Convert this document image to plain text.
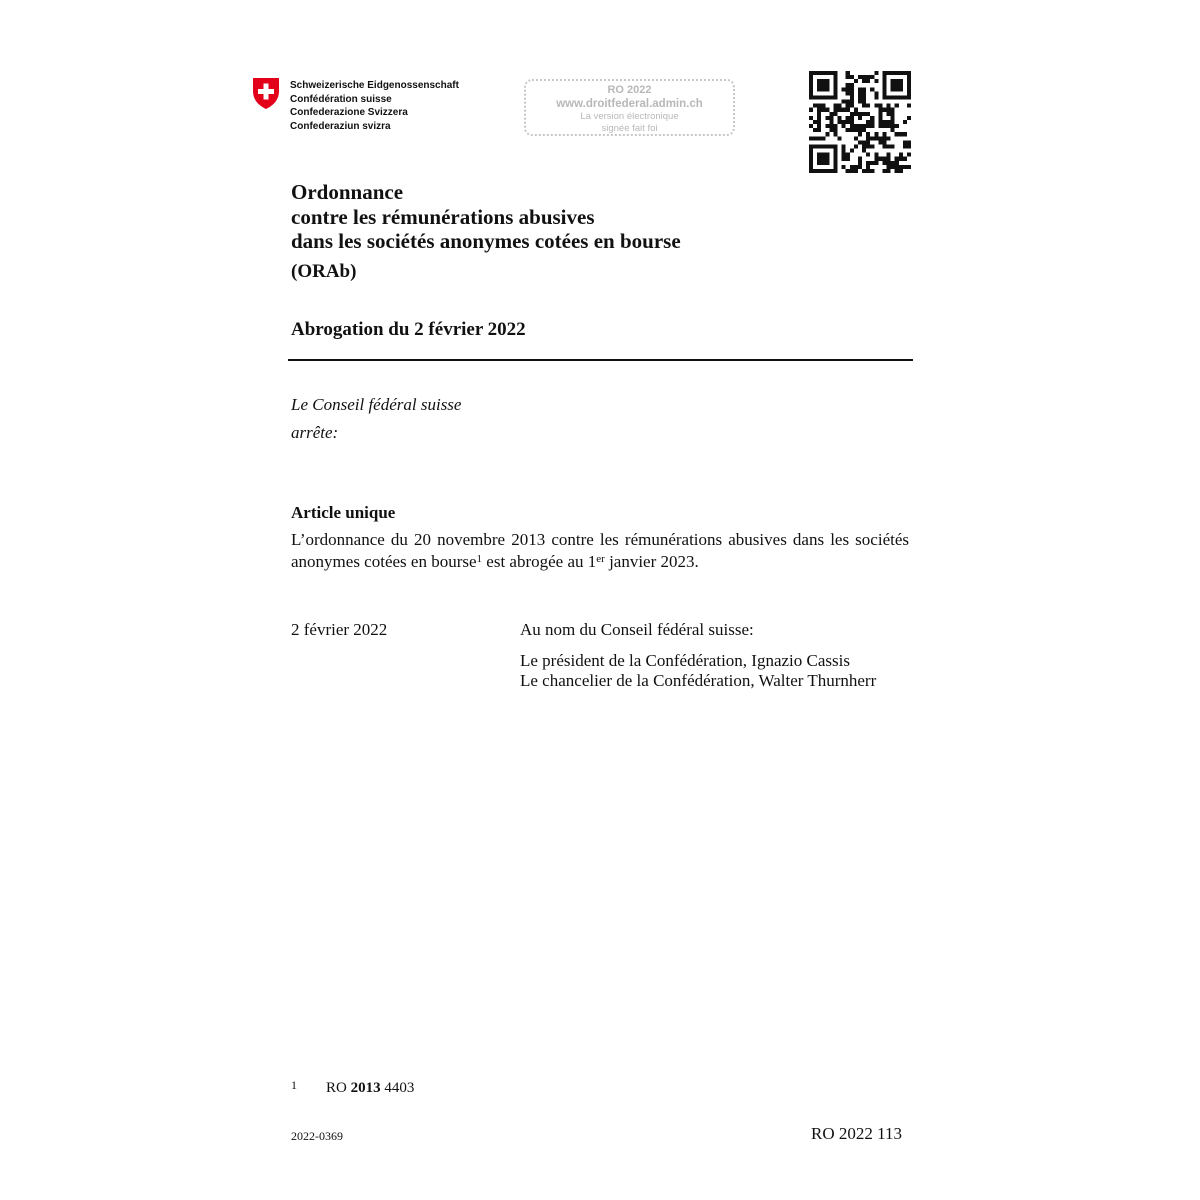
Schweizerische Eidgenossenschaft
Confédération suisse
Confederazione Svizzera
Confederaziun svizra
RO 2022
www.droitfederal.admin.ch
La version électronique
signée fait foi
Ordonnance
contre les rémunérations abusives
dans les sociétés anonymes cotées en bourse
(ORAb)
Abrogation du 2 février 2022
Le Conseil fédéral suisse
arrête:
Article unique
L’ordonnance du 20 novembre 2013 contre les rémunérations abusives dans les sociétés anonymes cotées en bourse$^1$ est abrogée au 1er janvier 2023.
2 février 2022	Au nom du Conseil fédéral suisse:
Le président de la Confédération, Ignazio Cassis
Le chancelier de la Confédération, Walter Thurnherr
1 RO 2013 4403
2022-0369	RO 2022 113
